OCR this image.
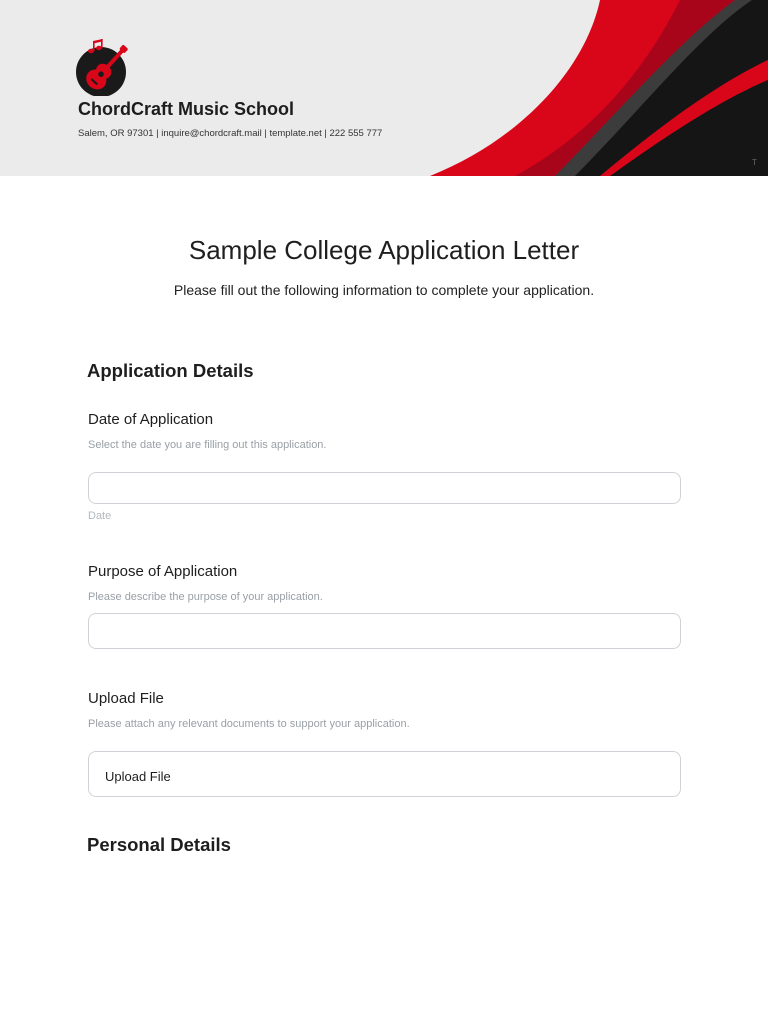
ChordCraft Music School
Salem, OR 97301 | inquire@chordcraft.mail | template.net | 222 555 777
T
Sample College Application Letter
Please fill out the following information to complete your application.
Application Details
Date of Application
Select the date you are filling out this application.
Date
Purpose of Application
Please describe the purpose of your application.
Upload File
Please attach any relevant documents to support your application.
Upload File
Personal Details
